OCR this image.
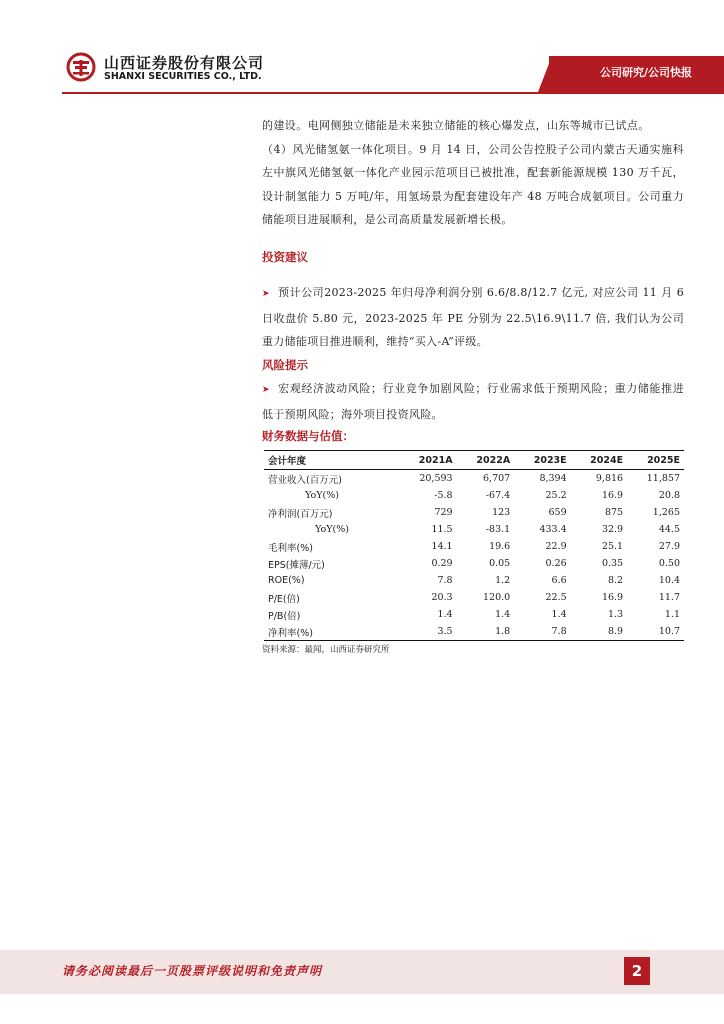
山西证券股份有限公司
SHANXI SECURITIES CO., LTD.	公司研究/公司快报

的建设。电网侧独立储能是未来独立储能的核心爆发点，山东等城市已试点。

（4）风光储氢氨一体化项目。9 月 14 日，公司公告控股子公司内蒙古天通实施科左中旗风光储氢氨一体化产业园示范项目已被批准，配套新能源规模 130 万千瓦，设计制氢能力 5 万吨/年，用氢场景为配套建设年产 48 万吨合成氨项目。公司重力储能项目进展顺利，是公司高质量发展新增长极。

投资建议

➤ 预计公司2023-2025 年归母净利润分别 6.6/8.8/12.7 亿元, 对应公司 11 月 6 日收盘价 5.80 元，2023-2025 年 PE 分别为 22.5\16.9\11.7 倍, 我们认为公司重力储能项目推进顺利，维持“买入-A”评级。

风险提示

➤ 宏观经济波动风险；行业竞争加剧风险；行业需求低于预期风险；重力储能推进低于预期风险；海外项目投资风险。

财务数据与估值：
会计年度	2021A	2022A	2023E	2024E	2025E
营业收入(百万元)	20,593	6,707	8,394	9,816	11,857
YoY(%)	-5.8	-67.4	25.2	16.9	20.8
净利润(百万元)	729	123	659	875	1,265
YoY(%)	11.5	-83.1	433.4	32.9	44.5
毛利率(%)	14.1	19.6	22.9	25.1	27.9
EPS(摊薄/元)	0.29	0.05	0.26	0.35	0.50
ROE(%)	7.8	1.2	6.6	8.2	10.4
P/E(倍)	20.3	120.0	22.5	16.9	11.7
P/B(倍)	1.4	1.4	1.4	1.3	1.1
净利率(%)	3.5	1.8	7.8	8.9	10.7
资料来源：最闻，山西证券研究所
请务必阅读最后一页股票评级说明和免责声明	2
